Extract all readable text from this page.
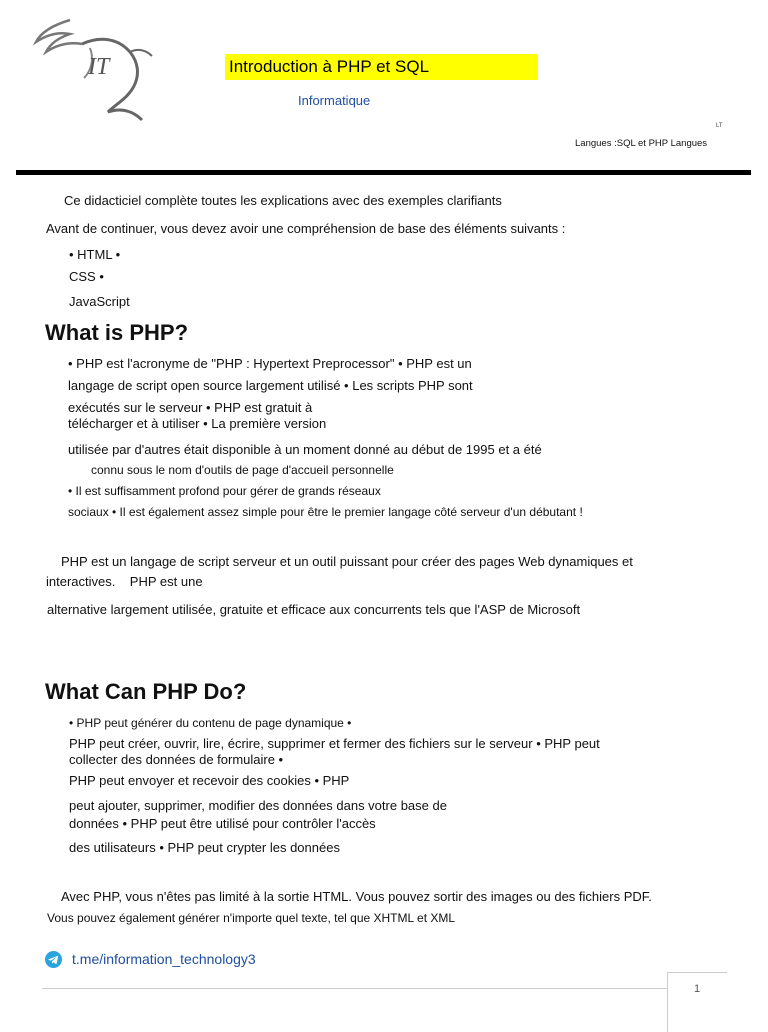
IT	Introduction à PHP et SQL
Informatique
LT
Langues :SQL et PHP Langues
Ce didacticiel complète toutes les explications avec des exemples clarifiants
Avant de continuer, vous devez avoir une compréhension de base des éléments suivants :
• HTML •
CSS •
JavaScript
What is PHP?
• PHP est l'acronyme de "PHP : Hypertext Preprocessor" • PHP est un
langage de script open source largement utilisé • Les scripts PHP sont
exécutés sur le serveur • PHP est gratuit à
télécharger et à utiliser • La première version
utilisée par d'autres était disponible à un moment donné au début de 1995 et a été
connu sous le nom d'outils de page d'accueil personnelle
• Il est suffisamment profond pour gérer de grands réseaux
sociaux • Il est également assez simple pour être le premier langage côté serveur d'un débutant !
PHP est un langage de script serveur et un outil puissant pour créer des pages Web dynamiques et
interactives.    PHP est une
alternative largement utilisée, gratuite et efficace aux concurrents tels que l'ASP de Microsoft
What Can PHP Do?
• PHP peut générer du contenu de page dynamique •
PHP peut créer, ouvrir, lire, écrire, supprimer et fermer des fichiers sur le serveur • PHP peut
collecter des données de formulaire •
PHP peut envoyer et recevoir des cookies • PHP
peut ajouter, supprimer, modifier des données dans votre base de
données • PHP peut être utilisé pour contrôler l'accès
des utilisateurs • PHP peut crypter les données
Avec PHP, vous n'êtes pas limité à la sortie HTML. Vous pouvez sortir des images ou des fichiers PDF.
Vous pouvez également générer n'importe quel texte, tel que XHTML et XML
t.me/information_technology3
1
